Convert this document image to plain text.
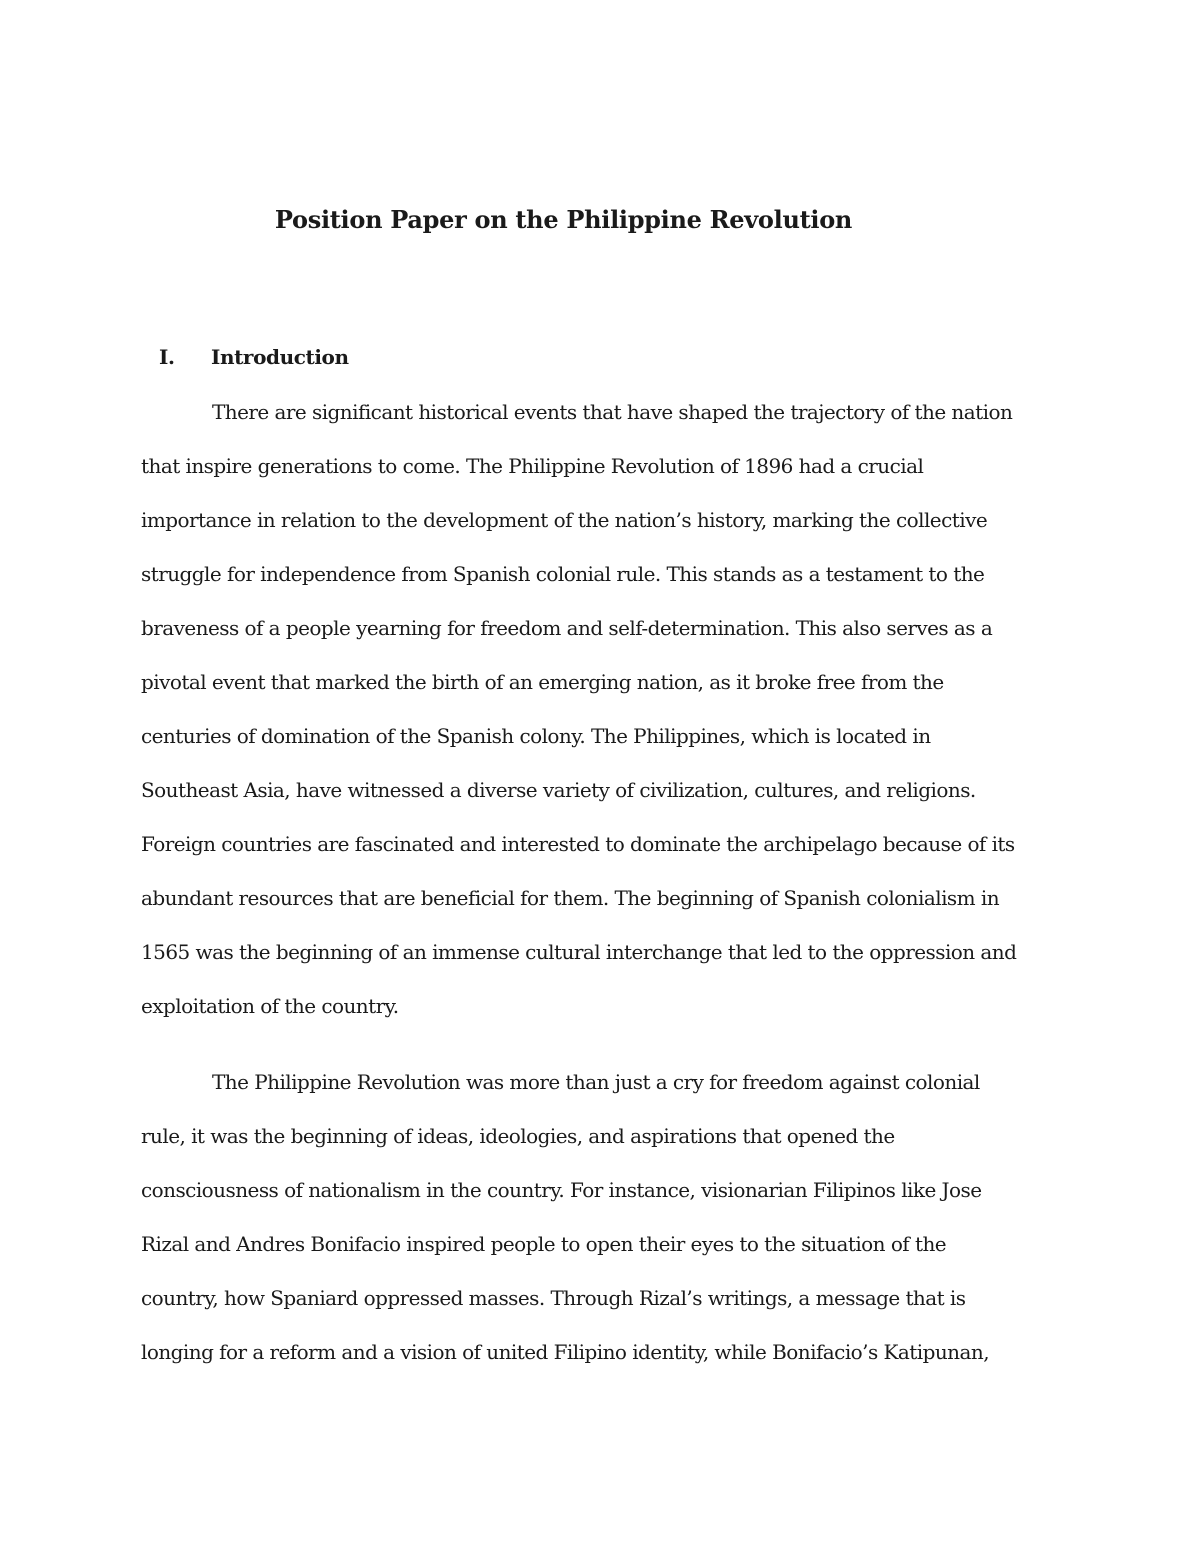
Position Paper on the Philippine Revolution
I. Introduction
There are significant historical events that have shaped the trajectory of the nation
that inspire generations to come. The Philippine Revolution of 1896 had a crucial
importance in relation to the development of the nation’s history, marking the collective
struggle for independence from Spanish colonial rule. This stands as a testament to the
braveness of a people yearning for freedom and self-determination. This also serves as a
pivotal event that marked the birth of an emerging nation, as it broke free from the
centuries of domination of the Spanish colony. The Philippines, which is located in
Southeast Asia, have witnessed a diverse variety of civilization, cultures, and religions.
Foreign countries are fascinated and interested to dominate the archipelago because of its
abundant resources that are beneficial for them. The beginning of Spanish colonialism in
1565 was the beginning of an immense cultural interchange that led to the oppression and
exploitation of the country.
The Philippine Revolution was more than just a cry for freedom against colonial
rule, it was the beginning of ideas, ideologies, and aspirations that opened the
consciousness of nationalism in the country. For instance, visionarian Filipinos like Jose
Rizal and Andres Bonifacio inspired people to open their eyes to the situation of the
country, how Spaniard oppressed masses. Through Rizal’s writings, a message that is
longing for a reform and a vision of united Filipino identity, while Bonifacio’s Katipunan,
